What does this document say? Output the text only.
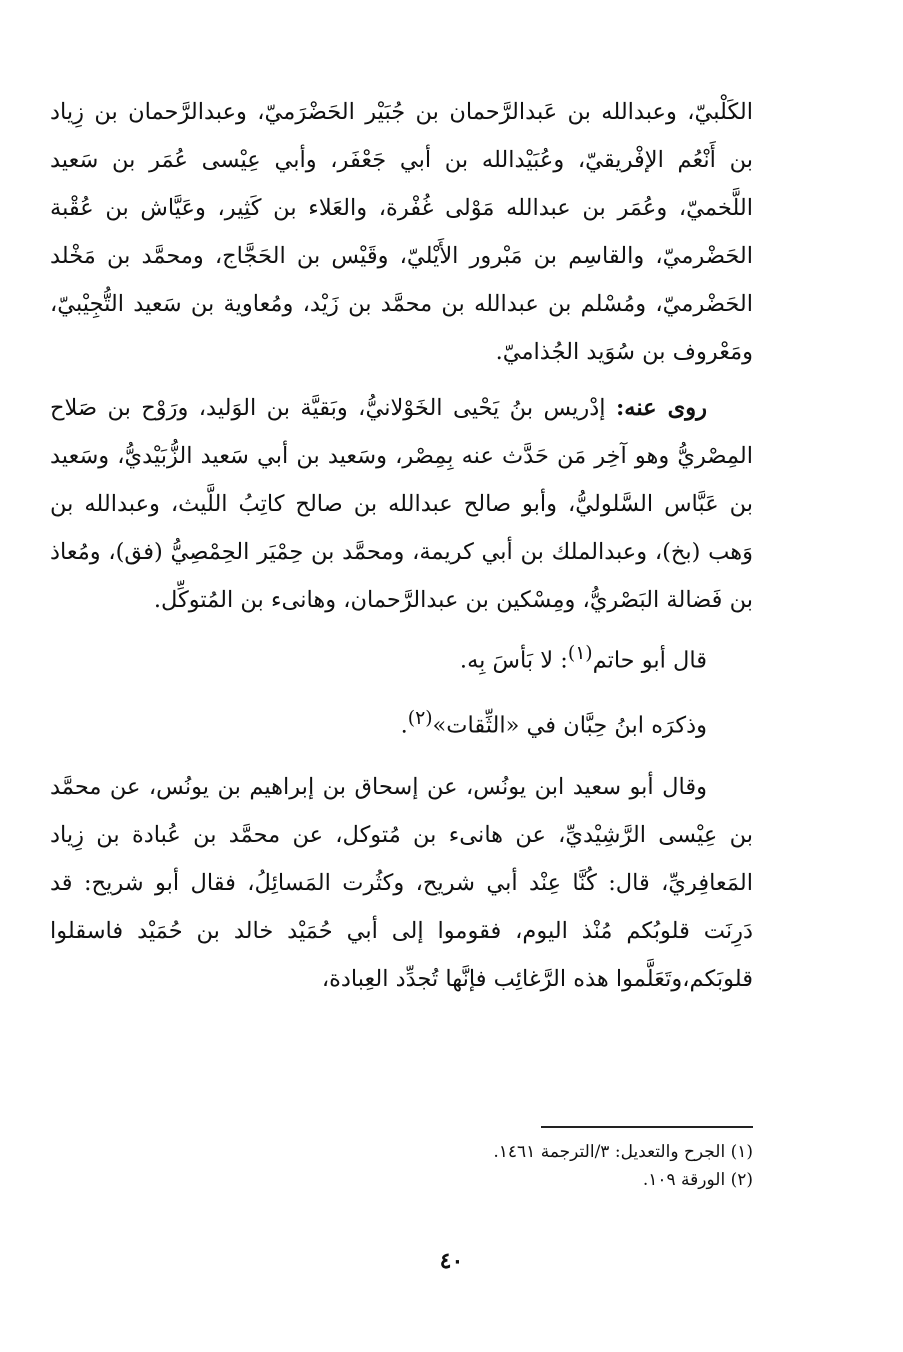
الكَلْبيّ، وعبدالله بن عَبدالرَّحمان بن جُبَيْر الحَضْرَميّ، وعبدالرَّحمان بن زِياد بن أَنْعُم الإفْريقيّ، وعُبَيْدالله بن أبي جَعْفَر، وأبي عِيْسى عُمَر بن سَعيد اللَّخميّ، وعُمَر بن عبدالله مَوْلى غُفْرة، والعَلاء بن كَثِير، وعَيَّاش بن عُقْبة الحَضْرميّ، والقاسِم بن مَبْرور الأَيْليّ، وقَيْس بن الحَجَّاج، ومحمَّد بن مَخْلد الحَضْرميّ، ومُسْلم بن عبدالله بن محمَّد بن زَيْد، ومُعاوية بن سَعيد التُّجِيْبيّ، ومَعْروف بن سُوَيد الجُذاميّ.

روى عنه: إدْريس بنُ يَحْيى الخَوْلانيُّ، وبَقيَّة بن الوَليد، ورَوْح بن صَلاح المِصْريُّ وهو آخِر مَن حَدَّث عنه بِمِصْر، وسَعيد بن أبي سَعيد الزُّبَيْديُّ، وسَعيد بن عَبَّاس السَّلوليُّ، وأبو صالح عبدالله بن صالح كاتِبُ اللَّيث، وعبدالله بن وَهب (بخ)، وعبدالملك بن أبي كريمة، ومحمَّد بن حِمْيَر الحِمْصِيُّ (فق)، ومُعاذ بن فَضالة البَصْريُّ، ومِسْكين بن عبدالرَّحمان، وهانىء بن المُتوكِّل.

قال أبو حاتم$^{(١)}$: لا بَأسَ بِه.

وذكرَه ابنُ حِبَّان في «الثِّقات»$^{(٢)}$.

وقال أبو سعيد ابن يونُس، عن إسحاق بن إبراهيم بن يونُس، عن محمَّد بن عِيْسى الرَّشِيْديِّ، عن هانىء بن مُتوكل، عن محمَّد بن عُبادة بن زِياد المَعافِريِّ، قال: كُنَّا عِنْد أبي شريح، وكثُرت المَسائِلُ، فقال أبو شريح: قد دَرِنَت قلوبُكم مُنْذ اليوم، فقوموا إلى أبي حُمَيْد خالد بن حُمَيْد فاسقلوا قلوبَكم،وتَعَلَّموا هذه الرَّغائِب فإنَّها تُجدِّد العِبادة،

(١) الجرح والتعديل: ٣/الترجمة ١٤٦١.

(٢) الورقة ١٠٩.

٤٠
